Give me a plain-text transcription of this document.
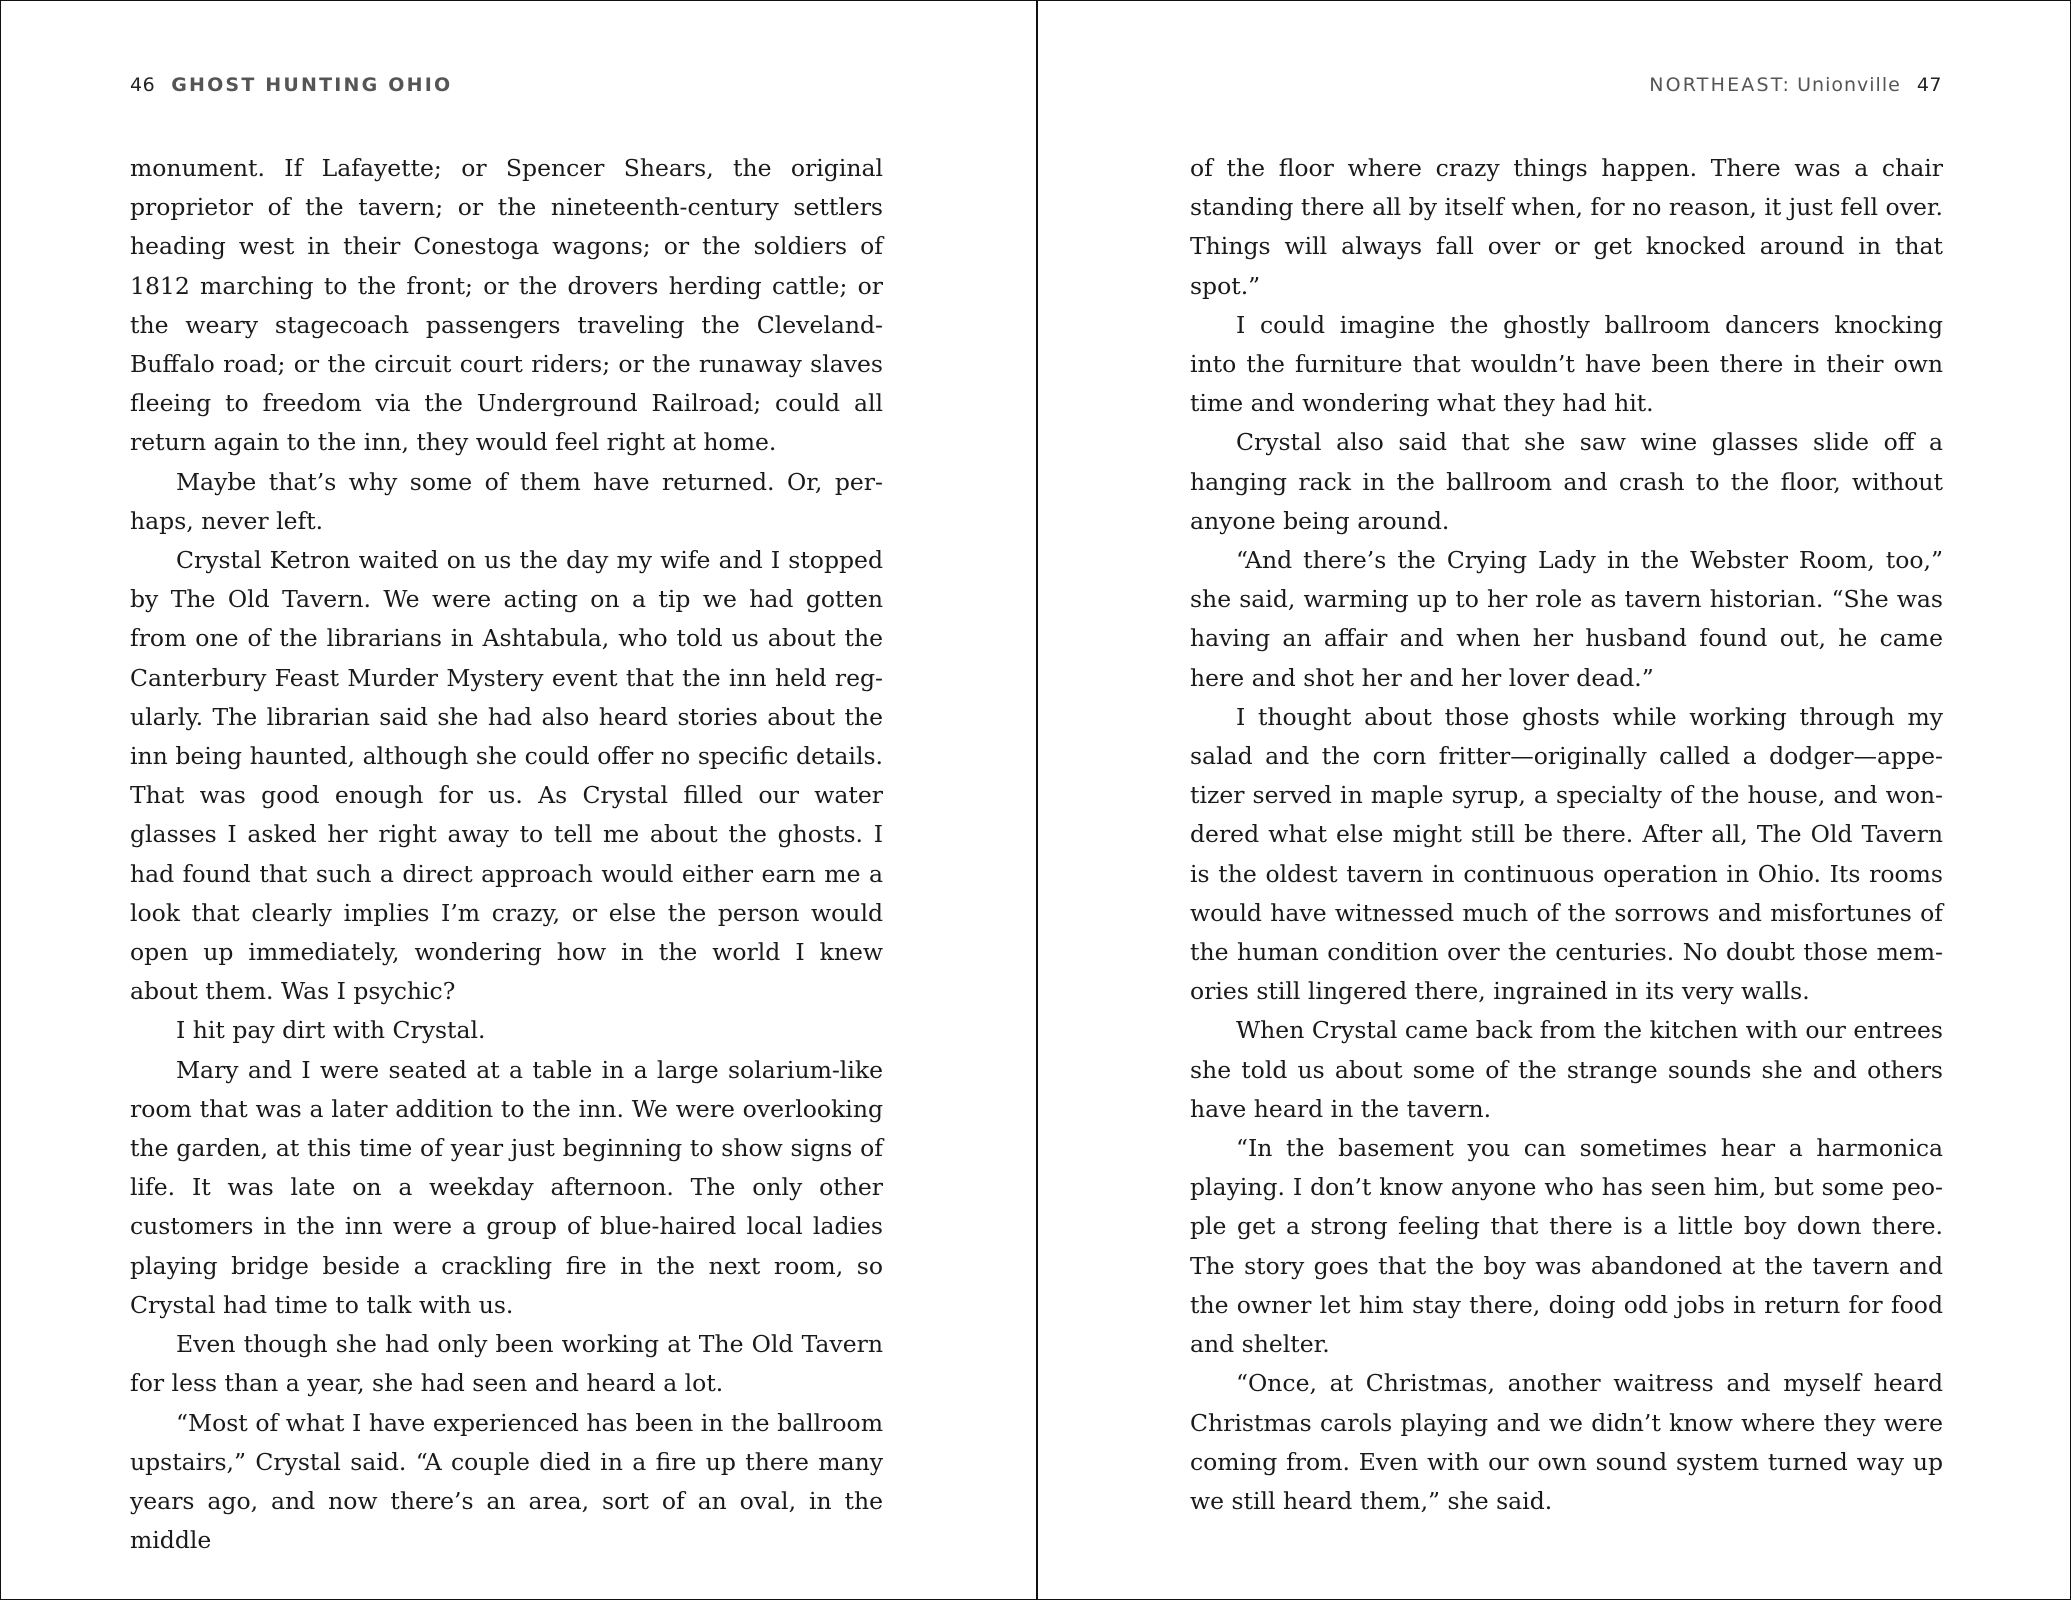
46 GHOST HUNTING OHIO

monument. If Lafayette; or Spencer Shears, the original proprietor of the tavern; or the nineteenth-century settlers heading west in their Conestoga wagons; or the soldiers of 1812 marching to the front; or the drovers herding cattle; or the weary stagecoach passengers traveling the Cleveland-Buffalo road; or the circuit court riders; or the runaway slaves fleeing to freedom via the Underground Railroad; could all return again to the inn, they would feel right at home.

Maybe that’s why some of them have returned. Or, perhaps, never left.

Crystal Ketron waited on us the day my wife and I stopped by The Old Tavern. We were acting on a tip we had gotten from one of the librarians in Ashtabula, who told us about the Canterbury Feast Murder Mystery event that the inn held regularly. The librarian said she had also heard stories about the inn being haunted, although she could offer no specific details. That was good enough for us. As Crystal filled our water glasses I asked her right away to tell me about the ghosts. I had found that such a direct approach would either earn me a look that clearly implies I’m crazy, or else the person would open up immediately, wondering how in the world I knew about them. Was I psychic?

I hit pay dirt with Crystal.

Mary and I were seated at a table in a large solarium-like room that was a later addition to the inn. We were overlooking the garden, at this time of year just beginning to show signs of life. It was late on a weekday afternoon. The only other customers in the inn were a group of blue-haired local ladies playing bridge beside a crackling fire in the next room, so Crystal had time to talk with us.

Even though she had only been working at The Old Tavern for less than a year, she had seen and heard a lot.

“Most of what I have experienced has been in the ballroom upstairs,” Crystal said. “A couple died in a fire up there many years ago, and now there’s an area, sort of an oval, in the middle

NORTHEAST: Unionville 47

of the floor where crazy things happen. There was a chair standing there all by itself when, for no reason, it just fell over. Things will always fall over or get knocked around in that spot.”

I could imagine the ghostly ballroom dancers knocking into the furniture that wouldn’t have been there in their own time and wondering what they had hit.

Crystal also said that she saw wine glasses slide off a hanging rack in the ballroom and crash to the floor, without anyone being around.

“And there’s the Crying Lady in the Webster Room, too,” she said, warming up to her role as tavern historian. “She was having an affair and when her husband found out, he came here and shot her and her lover dead.”

I thought about those ghosts while working through my salad and the corn fritter—originally called a dodger—appetizer served in maple syrup, a specialty of the house, and wondered what else might still be there. After all, The Old Tavern is the oldest tavern in continuous operation in Ohio. Its rooms would have witnessed much of the sorrows and misfortunes of the human condition over the centuries. No doubt those memories still lingered there, ingrained in its very walls.

When Crystal came back from the kitchen with our entrees she told us about some of the strange sounds she and others have heard in the tavern.

“In the basement you can sometimes hear a harmonica playing. I don’t know anyone who has seen him, but some people get a strong feeling that there is a little boy down there. The story goes that the boy was abandoned at the tavern and the owner let him stay there, doing odd jobs in return for food and shelter.

“Once, at Christmas, another waitress and myself heard Christmas carols playing and we didn’t know where they were coming from. Even with our own sound system turned way up we still heard them,” she said.
